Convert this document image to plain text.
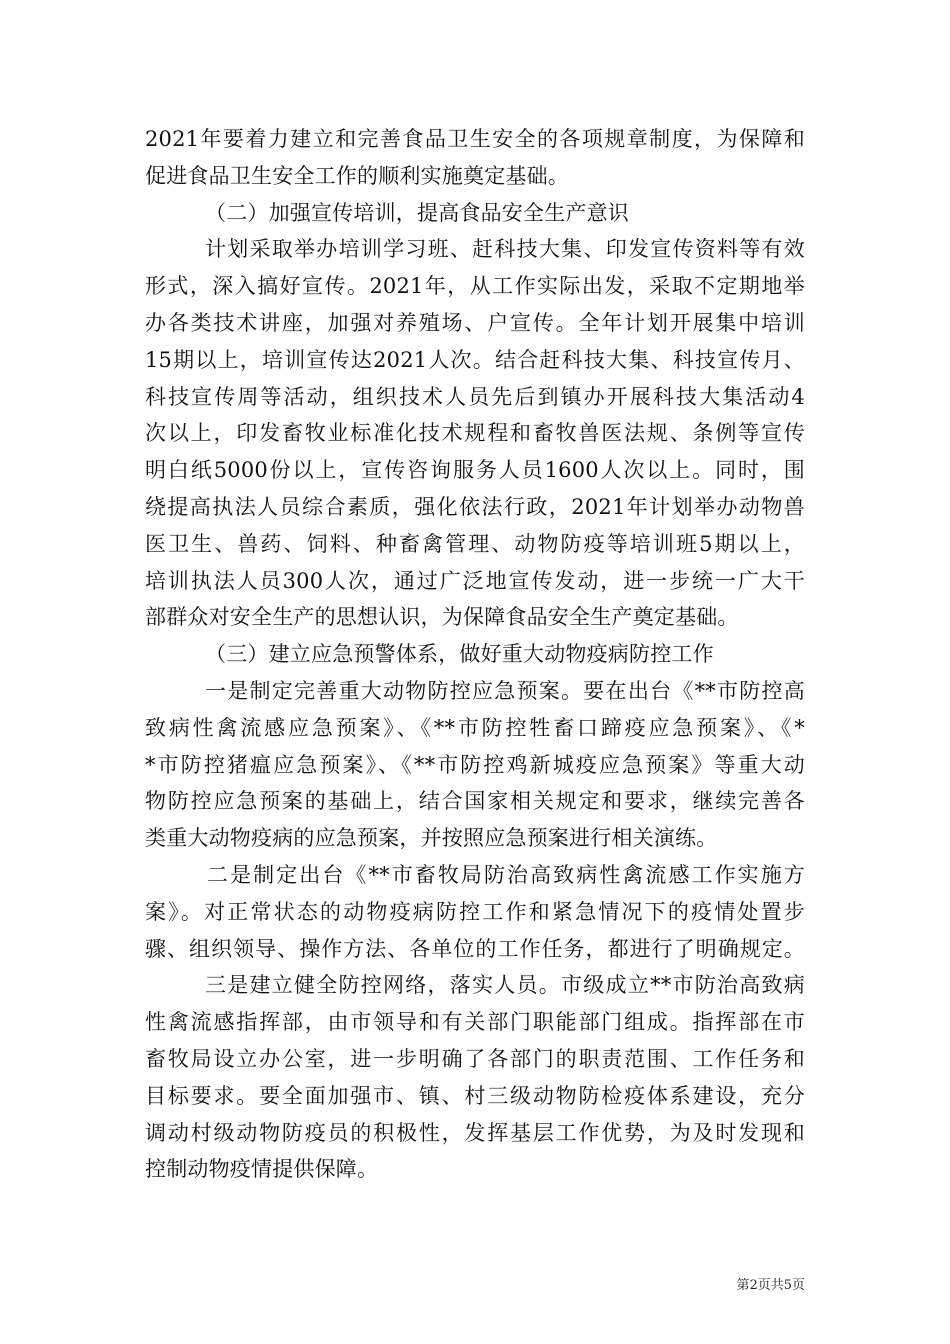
2021年要着力建立和完善食品卫生安全的各项规章制度，为保障和
促进食品卫生安全工作的顺利实施奠定基础。
（二）加强宣传培训，提高食品安全生产意识
计划采取举办培训学习班、赶科技大集、印发宣传资料等有效
形式，深入搞好宣传。2021年，从工作实际出发，采取不定期地举
办各类技术讲座，加强对养殖场、户宣传。全年计划开展集中培训
15期以上，培训宣传达2021人次。结合赶科技大集、科技宣传月、
科技宣传周等活动，组织技术人员先后到镇办开展科技大集活动4
次以上，印发畜牧业标准化技术规程和畜牧兽医法规、条例等宣传
明白纸5000份以上，宣传咨询服务人员1600人次以上。同时，围
绕提高执法人员综合素质，强化依法行政，2021年计划举办动物兽
医卫生、兽药、饲料、种畜禽管理、动物防疫等培训班5期以上，
培训执法人员300人次，通过广泛地宣传发动，进一步统一广大干
部群众对安全生产的思想认识，为保障食品安全生产奠定基础。
（三）建立应急预警体系，做好重大动物疫病防控工作
一是制定完善重大动物防控应急预案。要在出台《**市防控高
致病性禽流感应急预案》、《**市防控牲畜口蹄疫应急预案》、《*
*市防控猪瘟应急预案》、《**市防控鸡新城疫应急预案》等重大动
物防控应急预案的基础上，结合国家相关规定和要求，继续完善各
类重大动物疫病的应急预案，并按照应急预案进行相关演练。
二是制定出台《**市畜牧局防治高致病性禽流感工作实施方
案》。对正常状态的动物疫病防控工作和紧急情况下的疫情处置步
骤、组织领导、操作方法、各单位的工作任务，都进行了明确规定。
三是建立健全防控网络，落实人员。市级成立**市防治高致病
性禽流感指挥部，由市领导和有关部门职能部门组成。指挥部在市
畜牧局设立办公室，进一步明确了各部门的职责范围、工作任务和
目标要求。要全面加强市、镇、村三级动物防检疫体系建设，充分
调动村级动物防疫员的积极性，发挥基层工作优势，为及时发现和
控制动物疫情提供保障。
第2页共5页
